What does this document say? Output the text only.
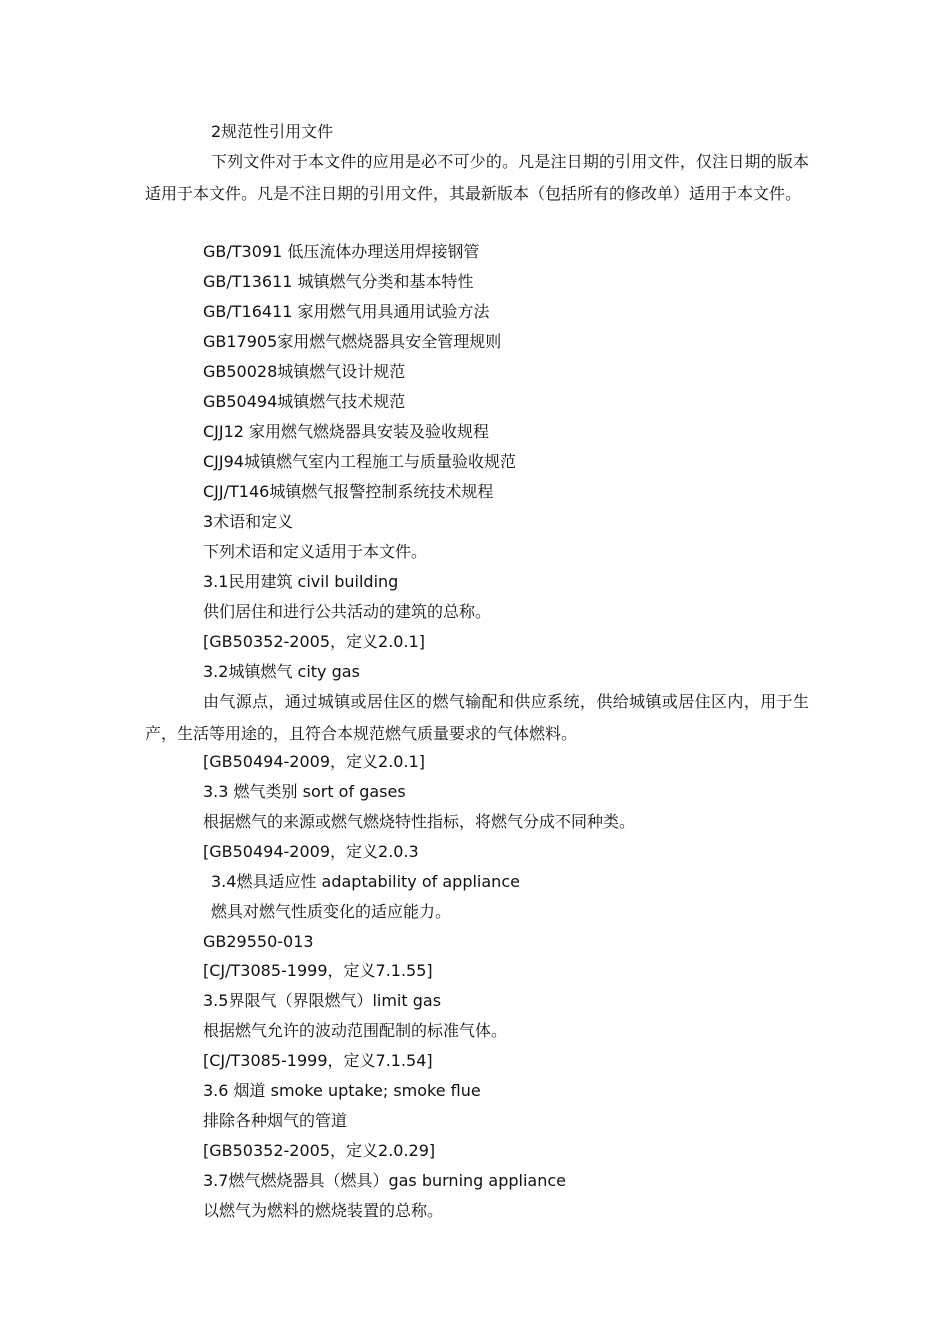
2规范性引用文件

下列文件对于本文件的应用是必不可少的。凡是注日期的引用文件，仅注日期的版本适用于本文件。凡是不注日期的引用文件，其最新版本（包括所有的修改单）适用于本文件。

GB/T3091 低压流体办理送用焊接钢管
GB/T13611 城镇燃气分类和基本特性
GB/T16411 家用燃气用具通用试验方法
GB17905家用燃气燃烧器具安全管理规则
GB50028城镇燃气设计规范
GB50494城镇燃气技术规范
CJJ12 家用燃气燃烧器具安装及验收规程
CJJ94城镇燃气室内工程施工与质量验收规范
CJJ/T146城镇燃气报警控制系统技术规程
3术语和定义
下列术语和定义适用于本文件。
3.1民用建筑 civil building
供们居住和进行公共活动的建筑的总称。
[GB50352-2005，定义2.0.1]
3.2城镇燃气 city gas

由气源点，通过城镇或居住区的燃气输配和供应系统，供给城镇或居住区内，用于生产，生活等用途的，且符合本规范燃气质量要求的气体燃料。

[GB50494-2009，定义2.0.1]
3.3 燃气类别 sort of gases
根据燃气的来源或燃气燃烧特性指标，将燃气分成不同种类。
[GB50494-2009，定义2.0.3
3.4燃具适应性 adaptability of appliance
燃具对燃气性质变化的适应能力。
GB29550-013
[CJ/T3085-1999，定义7.1.55]
3.5界限气（界限燃气）limit gas
根据燃气允许的波动范围配制的标准气体。
[CJ/T3085-1999，定义7.1.54]
3.6 烟道 smoke uptake; smoke flue
排除各种烟气的管道
[GB50352-2005，定义2.0.29]
3.7燃气燃烧器具（燃具）gas burning appliance
以燃气为燃料的燃烧装置的总称。
